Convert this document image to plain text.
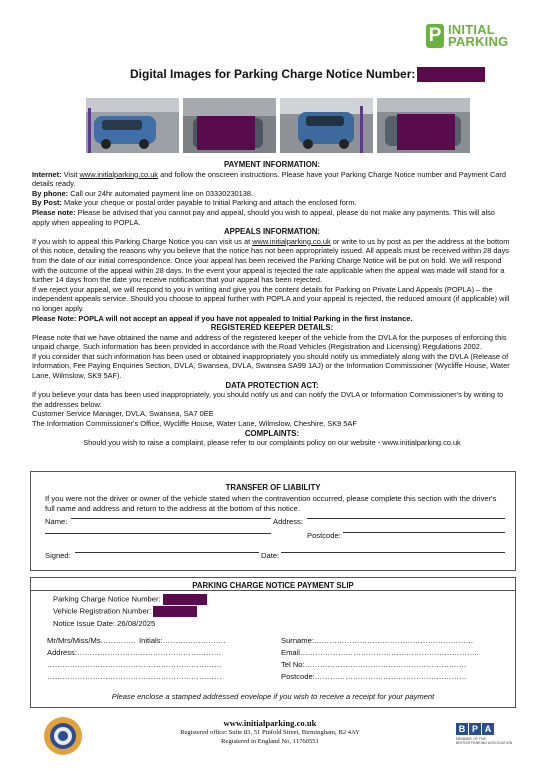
P INITIAL
PARKING
Digital Images for Parking Charge Notice Number:

PAYMENT INFORMATION:

Internet: Visit www.initialparking.co.uk and follow the onscreen instructions. Please have your Parking Charge Notice number and Payment Card details ready.

By phone: Call our 24hr automated payment line on 03330230138.

By Post: Make your cheque or postal order payable to Initial Parking and attach the enclosed form.

Please note: Please be advised that you cannot pay and appeal, should you wish to appeal, please do not make any payments. This will also apply when appealing to POPLA.

APPEALS INFORMATION:

If you wish to appeal this Parking Charge Notice you can visit us at www.initialparking.co.uk or write to us by post as per the address at the bottom of this notice, detailing the reasons why you believe that the notice has not been appropriately issued. All appeals must be received within 28 days from the date of our initial correspondence. Once your appeal has been received the Parking Charge Notice will be put on hold. We will respond with the outcome of the appeal within 28 days. In the event your appeal is rejected the rate applicable when the appeal was made will stand for a further 14 days from the date you receive notification that your appeal has been rejected.

If we reject your appeal, we will respond to you in writing and give you the content details for Parking on Private Land Appeals (POPLA) – the independent appeals service. Should you choose to appeal further with POPLA and your appeal is rejected, the reduced amount (if applicable) will no longer apply.

Please Note: POPLA will not accept an appeal if you have not appealed to Initial Parking in the first instance.

REGISTERED KEEPER DETAILS:

Please note that we have obtained the name and address of the registered keeper of the vehicle from the DVLA for the purposes of enforcing this unpaid charge. Such information has been provided in accordance with the Road Vehicles (Registration and Licensing) Regulations 2002.

If you consider that such information has been used or obtained inappropriately you should notify us immediately along with the DVLA (Release of Information, Fee Paying Enquiries Section, DVLA, Swansea, DVLA, Swansea SA99 1AJ) or the Information Commissioner (Wycliffe House, Water Lane, Wilmslow, SK9 5AF).

DATA PROTECTION ACT:

If you believe your data has been used inappropriately, you should notify us and can notify the DVLA or Information Commissioner's by writing to the addresses below:

Customer Service Manager, DVLA, Swansea, SA7 0EE

The Information Commissioner's Office, Wycliffe House, Water Lane, Wilmslow, Cheshire, SK9 5AF

COMPLAINTS:

Should you wish to raise a complaint, please refer to our complaints policy on our website - www.initialparking.co.uk

TRANSFER OF LIABILITY
If you were not the driver or owner of the vehicle stated when the contravention occurred, please complete this section with the driver's full name and address and return to the address at the bottom of this notice.
Name:	Address:
Postcode:
Signed:	Date:
PARKING CHARGE NOTICE PAYMENT SLIP
Parking Charge Notice Number:
Vehicle Registration Number:
Notice Issue Date: 26/08/2025
Mr/Mrs/Miss/Ms………….. Initials:…………………….
Address:…………………………………………………
……………………………………………………………
……………………………………………………………
Surname:………………………………………………………
Email……………………………………………………………..
Tel No:……………………………………………………….
Postcode:……………………………………………………
Please enclose a stamped addressed envelope if you wish to receive a receipt for your payment
www.initialparking.co.uk
Registered office: Suite 83, 51 Pinfold Street, Birmingham, B2 4AY
Registered in England No, 11760551
B P A
MEMBER OF THE
BRITISH PARKING ASSOCIATION
